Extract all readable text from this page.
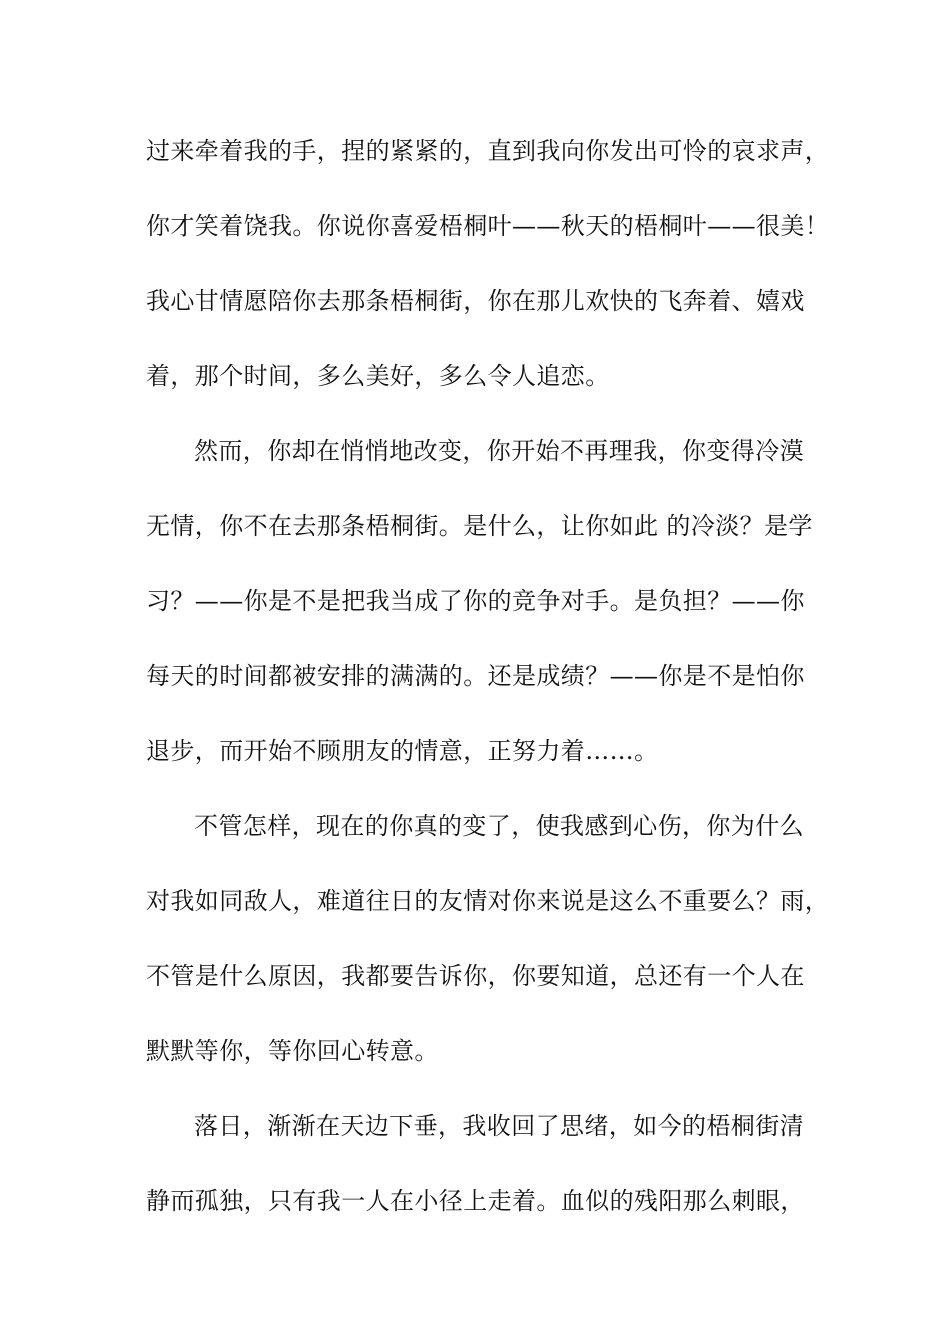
过来牵着我的手，捏的紧紧的，直到我向你发出可怜的哀求声，
你才笑着饶我。你说你喜爱梧桐叶——秋天的梧桐叶——很美！
我心甘情愿陪你去那条梧桐街，你在那儿欢快的飞奔着、嬉戏
着，那个时间，多么美好，多么令人追恋。
然而，你却在悄悄地改变，你开始不再理我，你变得冷漠
无情，你不在去那条梧桐街。是什么，让你如此 的冷淡？是学
习？——你是不是把我当成了你的竞争对手。是负担？——你
每天的时间都被安排的满满的。还是成绩？——你是不是怕你
退步，而开始不顾朋友的情意，正努力着……。
不管怎样，现在的你真的变了，使我感到心伤，你为什么
对我如同敌人，难道往日的友情对你来说是这么不重要么？雨，
不管是什么原因，我都要告诉你，你要知道，总还有一个人在
默默等你，等你回心转意。
落日，渐渐在天边下垂，我收回了思绪，如今的梧桐街清
静而孤独，只有我一人在小径上走着。血似的残阳那么刺眼，
